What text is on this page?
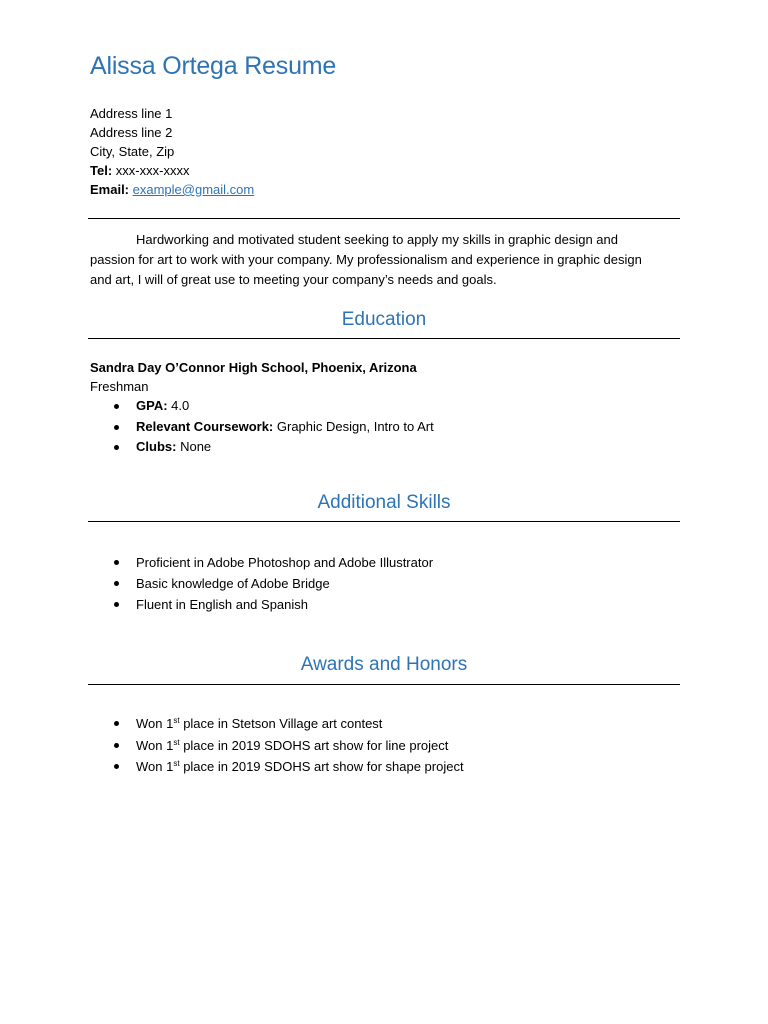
Alissa Ortega Resume
Address line 1
Address line 2
City, State, Zip
Tel: xxx-xxx-xxxx
Email: example@gmail.com
Hardworking and motivated student seeking to apply my skills in graphic design and passion for art to work with your company. My professionalism and experience in graphic design and art, I will of great use to meeting your company’s needs and goals.
Education
Sandra Day O’Connor High School, Phoenix, Arizona
Freshman
GPA: 4.0
Relevant Coursework: Graphic Design, Intro to Art
Clubs: None
Additional Skills
Proficient in Adobe Photoshop and Adobe Illustrator
Basic knowledge of Adobe Bridge
Fluent in English and Spanish
Awards and Honors
Won 1st place in Stetson Village art contest
Won 1st place in 2019 SDOHS art show for line project
Won 1st place in 2019 SDOHS art show for shape project
